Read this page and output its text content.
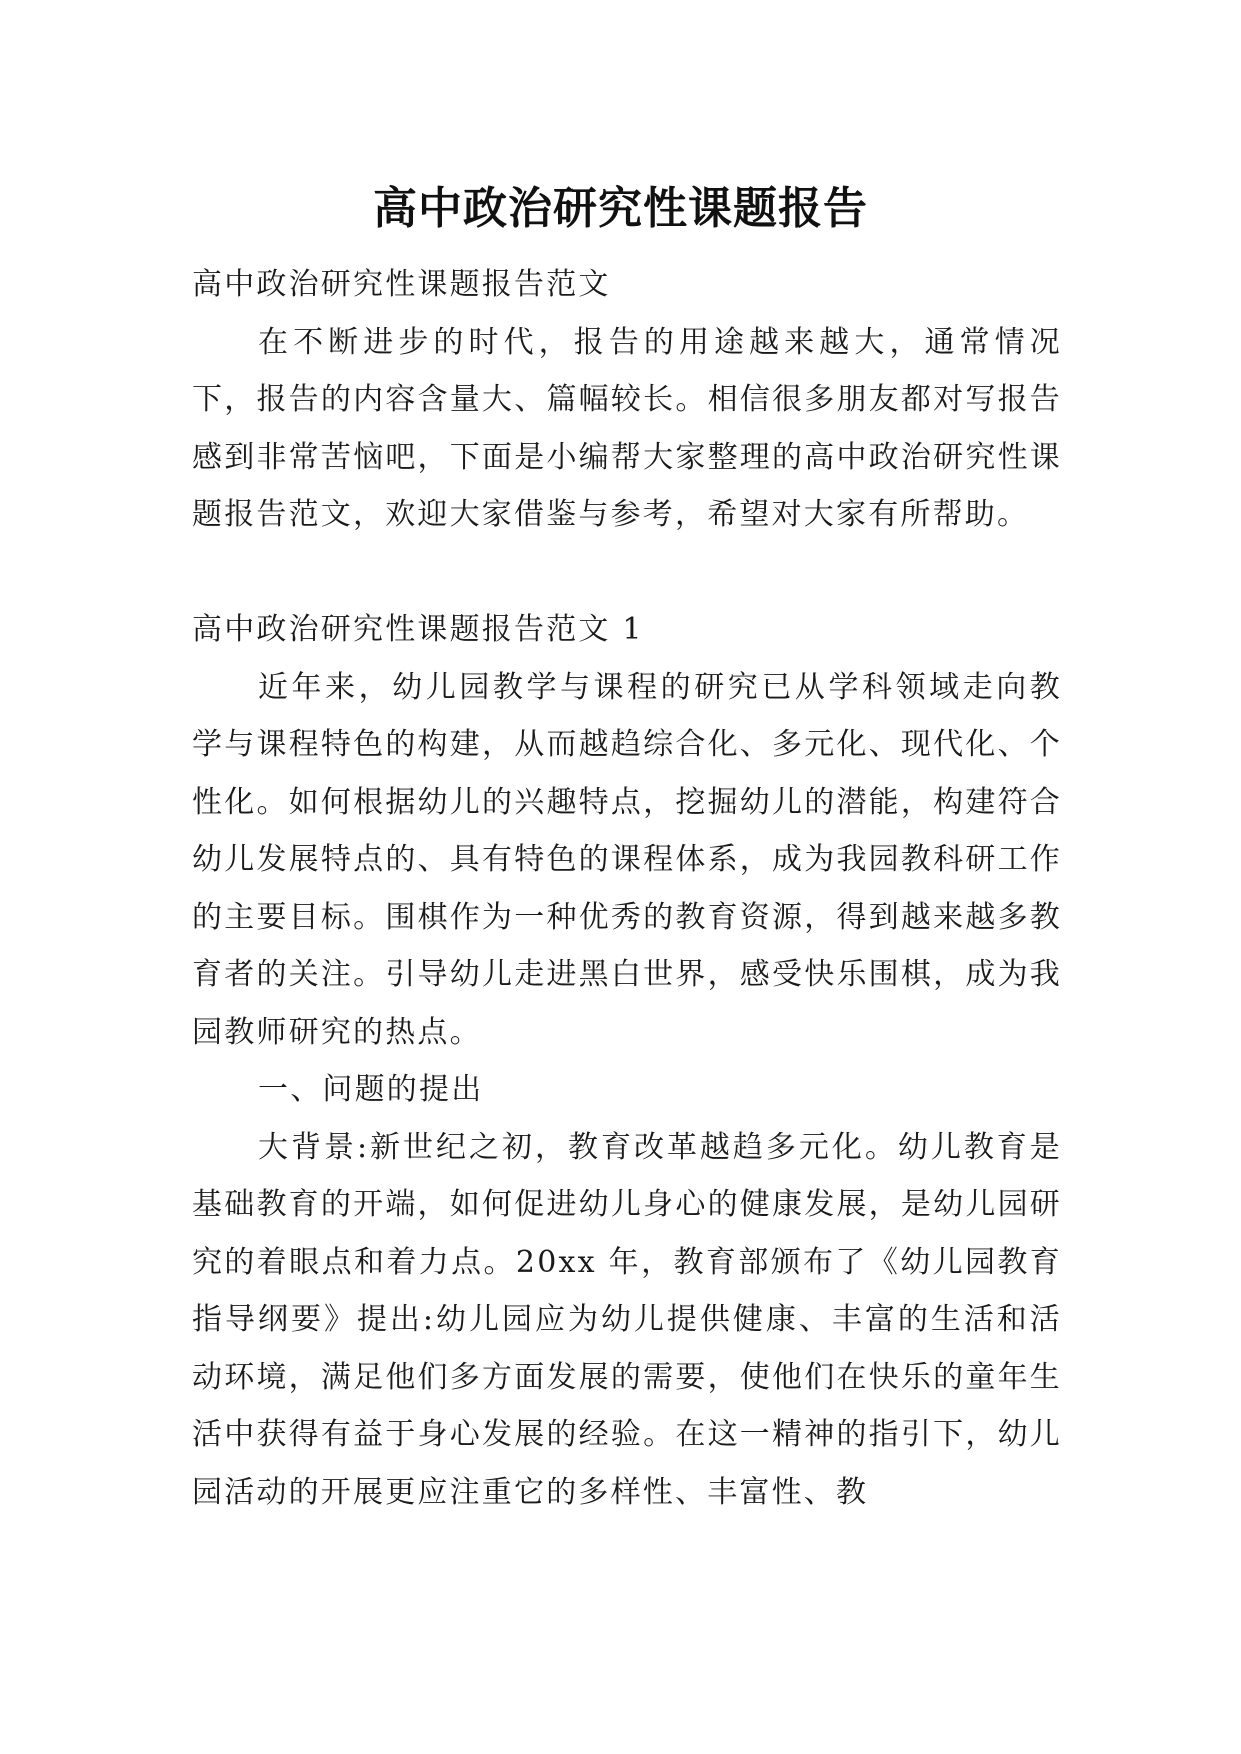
高中政治研究性课题报告

高中政治研究性课题报告范文

在不断进步的时代，报告的用途越来越大，通常情况下，报告的内容含量大、篇幅较长。相信很多朋友都对写报告感到非常苦恼吧，下面是小编帮大家整理的高中政治研究性课题报告范文，欢迎大家借鉴与参考，希望对大家有所帮助。

高中政治研究性课题报告范文 1

近年来，幼儿园教学与课程的研究已从学科领域走向教学与课程特色的构建，从而越趋综合化、多元化、现代化、个性化。如何根据幼儿的兴趣特点，挖掘幼儿的潜能，构建符合幼儿发展特点的、具有特色的课程体系，成为我园教科研工作的主要目标。围棋作为一种优秀的教育资源，得到越来越多教育者的关注。引导幼儿走进黑白世界，感受快乐围棋，成为我园教师研究的热点。

一、问题的提出

大背景:新世纪之初，教育改革越趋多元化。幼儿教育是基础教育的开端，如何促进幼儿身心的健康发展，是幼儿园研究的着眼点和着力点。20xx 年，教育部颁布了《幼儿园教育指导纲要》提出:幼儿园应为幼儿提供健康、丰富的生活和活动环境，满足他们多方面发展的需要，使他们在快乐的童年生活中获得有益于身心发展的经验。在这一精神的指引下，幼儿园活动的开展更应注重它的多样性、丰富性、教
